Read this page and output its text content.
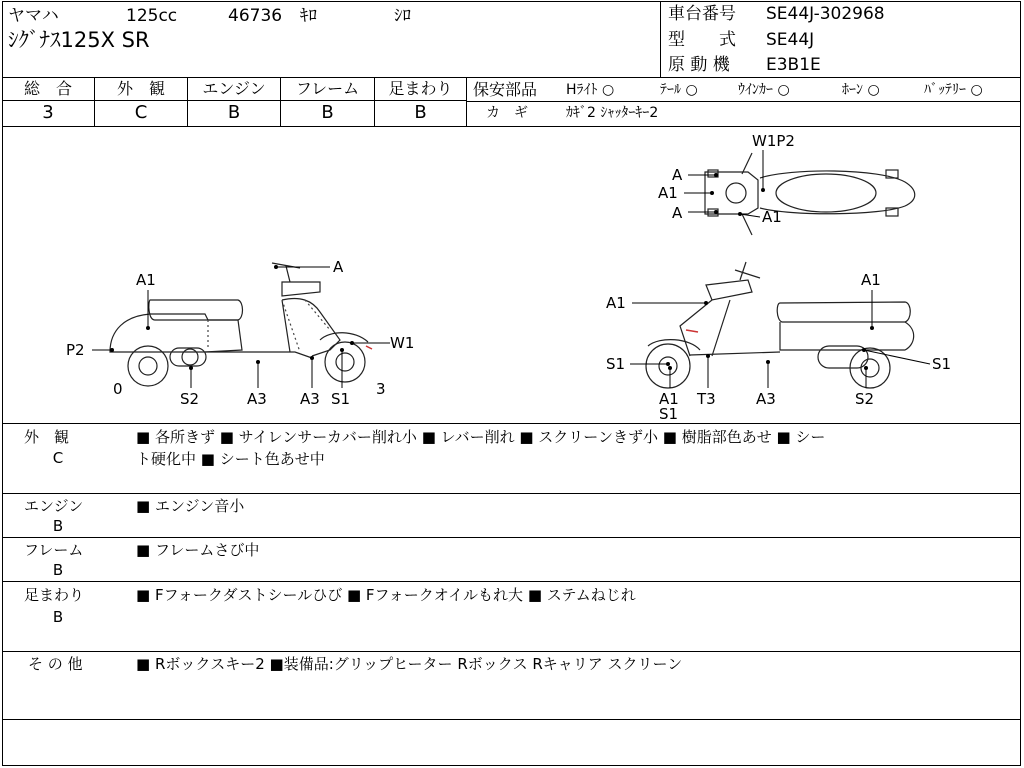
ヤマハ	125cc	46736 ｷﾛ	ｼﾛ
ｼｸﾞﾅｽ125X SR
車台番号 SE44J-302968
型　　式 SE44J
原 動 機 E3B1E
総　合	外　観	エンジン	フレーム	足まわり
3	C	B	B	B
保安部品 Hﾗｲﾄ ○	ﾃｰﾙ ○	ｳｲﾝｶｰ ○	ﾎｰﾝ ○	ﾊﾞｯﾃﾘｰ ○
カ　ギ	ｶｷﾞ2 ｼｬｯﾀｰｷｰ2
A1
A
P2	W1
0
S2	A3 A3 S1
3
A1
A1
S1	S1
A1
S1
T3	A3	S2
W1P2
A
A1
A	A1
外　観
C
■ 各所きず ■ サイレンサーカバー削れ小 ■ レバー削れ ■ スクリーンきず小 ■ 樹脂部色あせ ■ シー
ト硬化中 ■ シート色あせ中
エンジン
B
■ エンジン音小
フレーム
B
■ フレームさび中
足まわり
B
■ Fフォークダストシールひび ■ Fフォークオイルもれ大 ■ ステムねじれ
そ の 他	■ Rボックスキー2 ■装備品:グリップヒーター Rボックス Rキャリア スクリーン
